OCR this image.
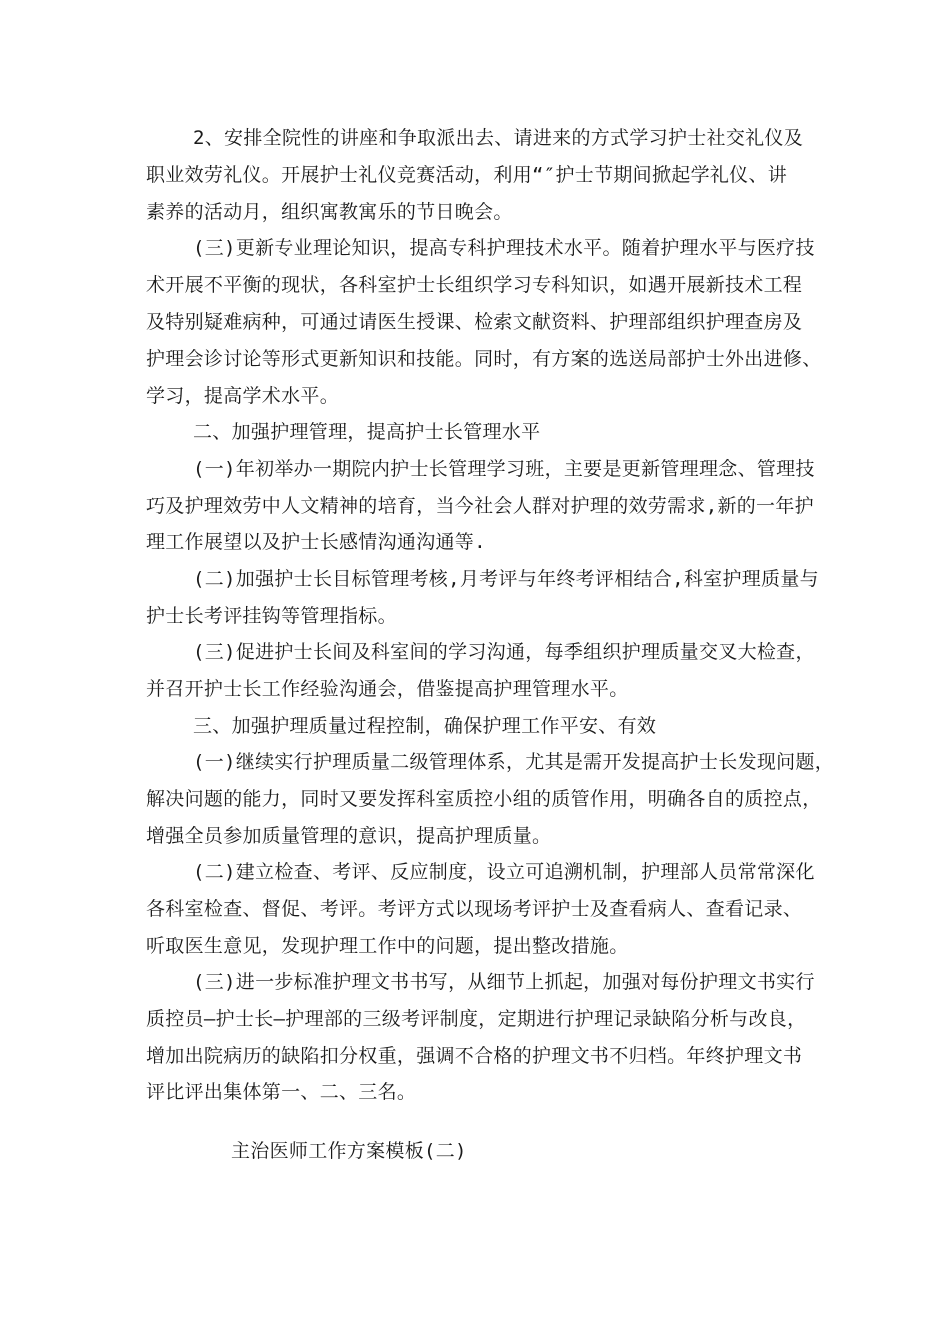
2、安排全院性的讲座和争取派出去、请进来的方式学习护士社交礼仪及
职业效劳礼仪。开展护士礼仪竞赛活动，利用“″护士节期间掀起学礼仪、讲
素养的活动月，组织寓教寓乐的节日晚会。
(三)更新专业理论知识，提高专科护理技术水平。随着护理水平与医疗技
术开展不平衡的现状，各科室护士长组织学习专科知识，如遇开展新技术工程
及特别疑难病种，可通过请医生授课、检索文献资料、护理部组织护理查房及
护理会诊讨论等形式更新知识和技能。同时，有方案的选送局部护士外出进修、
学习，提高学术水平。
二、加强护理管理，提高护士长管理水平
(一)年初举办一期院内护士长管理学习班，主要是更新管理理念、管理技
巧及护理效劳中人文精神的培育，当今社会人群对护理的效劳需求,新的一年护
理工作展望以及护士长感情沟通沟通等.
(二)加强护士长目标管理考核,月考评与年终考评相结合,科室护理质量与
护士长考评挂钩等管理指标。
(三)促进护士长间及科室间的学习沟通，每季组织护理质量交叉大检查，
并召开护士长工作经验沟通会，借鉴提高护理管理水平。
三、加强护理质量过程控制，确保护理工作平安、有效
(一)继续实行护理质量二级管理体系，尤其是需开发提高护士长发现问题，
解决问题的能力，同时又要发挥科室质控小组的质管作用，明确各自的质控点，
增强全员参加质量管理的意识，提高护理质量。
(二)建立检查、考评、反应制度，设立可追溯机制，护理部人员常常深化
各科室检查、督促、考评。考评方式以现场考评护士及查看病人、查看记录、
听取医生意见，发现护理工作中的问题，提出整改措施。
(三)进一步标准护理文书书写，从细节上抓起，加强对每份护理文书实行
质控员—护士长—护理部的三级考评制度，定期进行护理记录缺陷分析与改良，
增加出院病历的缺陷扣分权重，强调不合格的护理文书不归档。年终护理文书
评比评出集体第一、二、三名。
主治医师工作方案模板(二)
